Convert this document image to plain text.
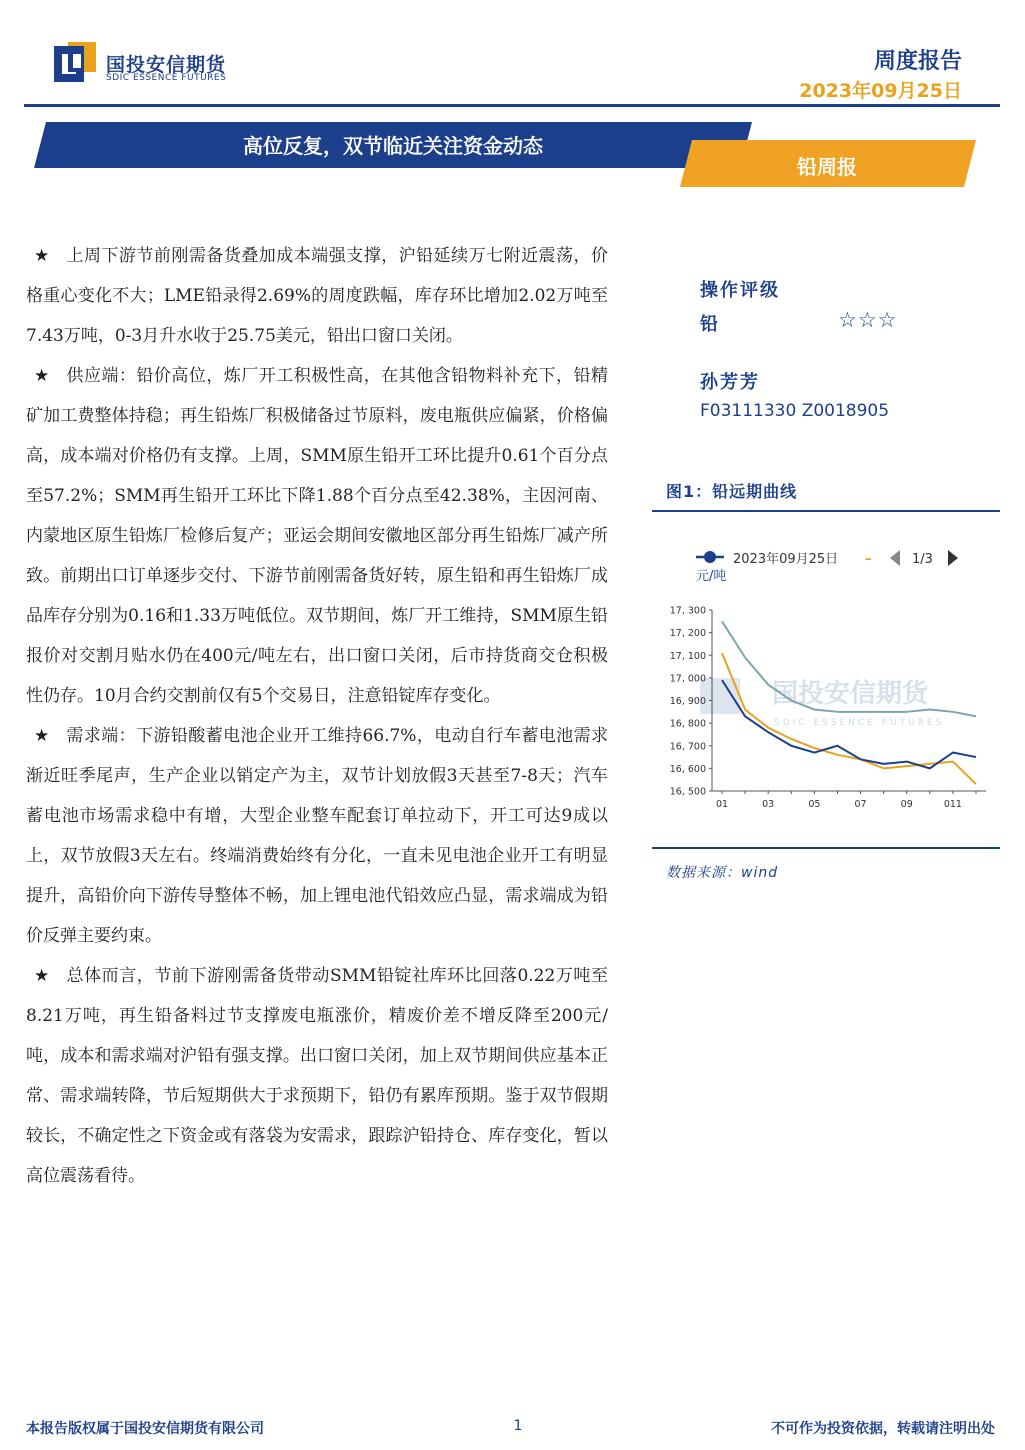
国投安信期货
SDIC ESSENCE FUTURES
周度报告
2023年09月25日
高位反复，双节临近关注资金动态
铅周报

★ 上周下游节前刚需备货叠加成本端强支撑，沪铅延续万七附近震荡，价格重心变化不大；LME铅录得2.69%的周度跌幅，库存环比增加2.02万吨至7.43万吨，0-3月升水收于25.75美元，铅出口窗口关闭。

★ 供应端：铅价高位，炼厂开工积极性高，在其他含铅物料补充下，铅精矿加工费整体持稳；再生铅炼厂积极储备过节原料，废电瓶供应偏紧，价格偏高，成本端对价格仍有支撑。上周，SMM原生铅开工环比提升0.61个百分点至57.2%；SMM再生铅开工环比下降1.88个百分点至42.38%，主因河南、内蒙地区原生铅炼厂检修后复产；亚运会期间安徽地区部分再生铅炼厂减产所致。前期出口订单逐步交付、下游节前刚需备货好转，原生铅和再生铅炼厂成品库存分别为0.16和1.33万吨低位。双节期间，炼厂开工维持，SMM原生铅报价对交割月贴水仍在400元/吨左右，出口窗口关闭，后市持货商交仓积极性仍存。10月合约交割前仅有5个交易日，注意铅锭库存变化。

★ 需求端：下游铅酸蓄电池企业开工维持66.7%，电动自行车蓄电池需求渐近旺季尾声，生产企业以销定产为主，双节计划放假3天甚至7-8天；汽车蓄电池市场需求稳中有增，大型企业整车配套订单拉动下，开工可达9成以上，双节放假3天左右。终端消费始终有分化，一直未见电池企业开工有明显提升，高铅价向下游传导整体不畅，加上锂电池代铅效应凸显，需求端成为铅价反弹主要约束。

★ 总体而言，节前下游刚需备货带动SMM铅锭社库环比回落0.22万吨至8.21万吨，再生铅备料过节支撑废电瓶涨价，精废价差不增反降至200元/吨，成本和需求端对沪铅有强支撑。出口窗口关闭，加上双节期间供应基本正常、需求端转降，节后短期供大于求预期下，铅仍有累库预期。鉴于双节假期较长，不确定性之下资金或有落袋为安需求，跟踪沪铅持仓、库存变化，暂以高位震荡看待。

操作评级
铅	☆☆☆
孙芳芳
F03111330 Z0018905
图1：铅远期曲线
国投安信期货
SDIC ESSENCE FUTURES
2023年09月25日 –	1/3
元/吨
17, 300
17, 200
17, 100
17, 000
16, 900
16, 800
16, 700
16, 600
16, 500
01	03	05	07	09	011
数据来源：wind
本报告版权属于国投安信期货有限公司	1	不可作为投资依据，转载请注明出处
